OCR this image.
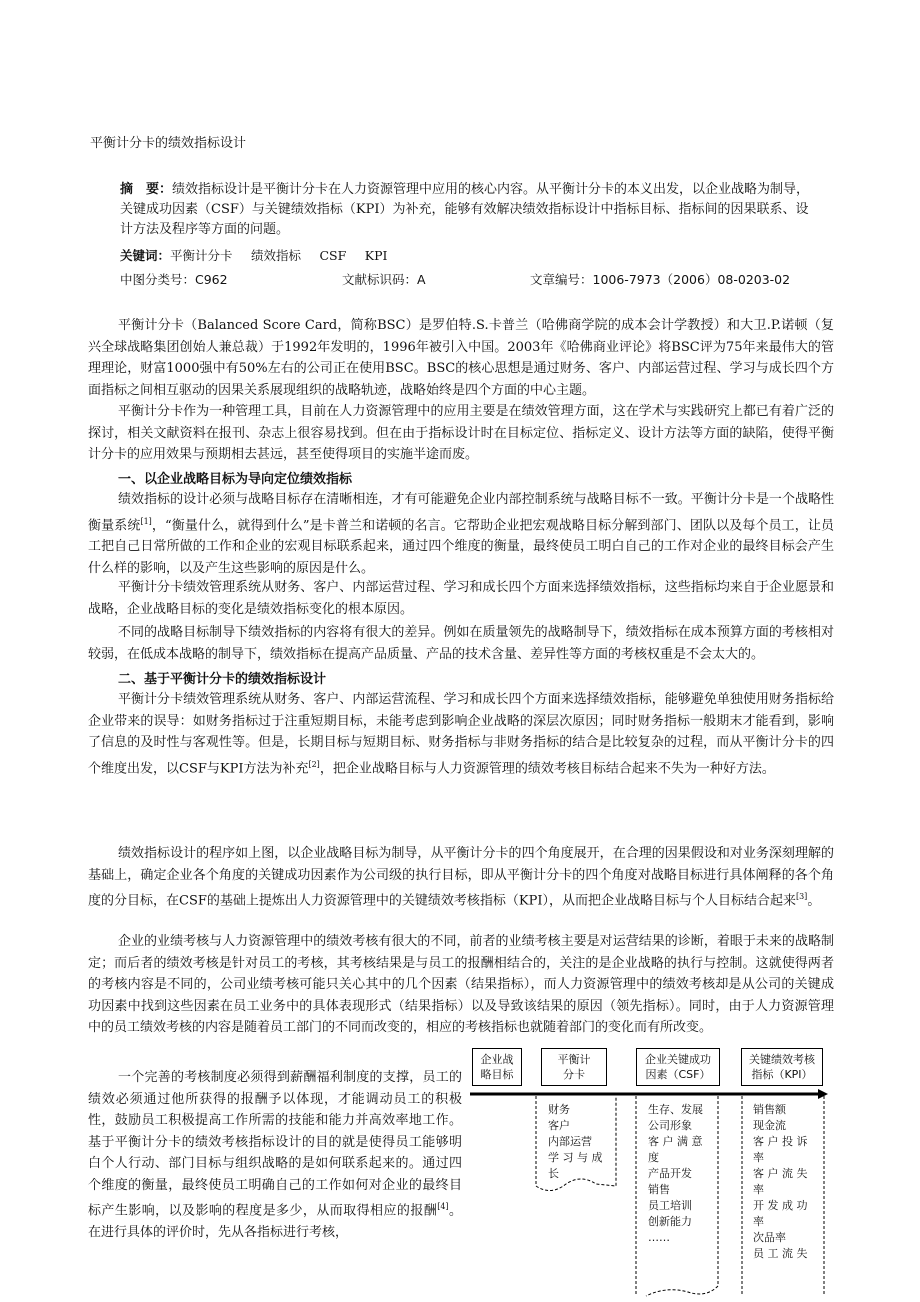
平衡计分卡的绩效指标设计
摘　要：绩效指标设计是平衡计分卡在人力资源管理中应用的核心内容。从平衡计分卡的本义出发，以企业战略为制导，关键成功因素（CSF）与关键绩效指标（KPI）为补充，能够有效解决绩效指标设计中指标目标、指标间的因果联系、设计方法及程序等方面的问题。
关键词：平衡计分卡　 绩效指标　 CSF　 KPI
中图分类号：C962	文献标识码：A	文章编号：1006-7973（2006）08-0203-02

平衡计分卡（Balanced Score Card，简称BSC）是罗伯特.S.卡普兰（哈佛商学院的成本会计学教授）和大卫.P.诺顿（复兴全球战略集团创始人兼总裁）于1992年发明的，1996年被引入中国。2003年《哈佛商业评论》将BSC评为75年来最伟大的管理理论，财富1000强中有50%左右的公司正在使用BSC。BSC的核心思想是通过财务、客户、内部运营过程、学习与成长四个方面指标之间相互驱动的因果关系展现组织的战略轨迹，战略始终是四个方面的中心主题。

平衡计分卡作为一种管理工具，目前在人力资源管理中的应用主要是在绩效管理方面，这在学术与实践研究上都已有着广泛的探讨，相关文献资料在报刊、杂志上很容易找到。但在由于指标设计时在目标定位、指标定义、设计方法等方面的缺陷，使得平衡计分卡的应用效果与预期相去甚远，甚至使得项目的实施半途而废。

一、以企业战略目标为导向定位绩效指标

绩效指标的设计必须与战略目标存在清晰相连，才有可能避免企业内部控制系统与战略目标不一致。平衡计分卡是一个战略性衡量系统[1]，“衡量什么，就得到什么”是卡普兰和诺顿的名言。它帮助企业把宏观战略目标分解到部门、团队以及每个员工，让员工把自己日常所做的工作和企业的宏观目标联系起来，通过四个维度的衡量，最终使员工明白自己的工作对企业的最终目标会产生什么样的影响，以及产生这些影响的原因是什么。

平衡计分卡绩效管理系统从财务、客户、内部运营过程、学习和成长四个方面来选择绩效指标，这些指标均来自于企业愿景和战略，企业战略目标的变化是绩效指标变化的根本原因。

不同的战略目标制导下绩效指标的内容将有很大的差异。例如在质量领先的战略制导下，绩效指标在成本预算方面的考核相对较弱，在低成本战略的制导下，绩效指标在提高产品质量、产品的技术含量、差异性等方面的考核权重是不会太大的。

二、基于平衡计分卡的绩效指标设计

平衡计分卡绩效管理系统从财务、客户、内部运营流程、学习和成长四个方面来选择绩效指标，能够避免单独使用财务指标给企业带来的误导：如财务指标过于注重短期目标，未能考虑到影响企业战略的深层次原因；同时财务指标一般期末才能看到，影响了信息的及时性与客观性等。但是，长期目标与短期目标、财务指标与非财务指标的结合是比较复杂的过程，而从平衡计分卡的四个维度出发，以CSF与KPI方法为补充[2]，把企业战略目标与人力资源管理的绩效考核目标结合起来不失为一种好方法。

绩效指标设计的程序如上图，以企业战略目标为制导，从平衡计分卡的四个角度展开，在合理的因果假设和对业务深刻理解的基础上，确定企业各个角度的关键成功因素作为公司级的执行目标，即从平衡计分卡的四个角度对战略目标进行具体阐释的各个角度的分目标，在CSF的基础上提炼出人力资源管理中的关键绩效考核指标（KPI），从而把企业战略目标与个人目标结合起来[3]。

企业的业绩考核与人力资源管理中的绩效考核有很大的不同，前者的业绩考核主要是对运营结果的诊断，着眼于未来的战略制定；而后者的绩效考核是针对员工的考核，其考核结果是与员工的报酬相结合的，关注的是企业战略的执行与控制。这就使得两者的考核内容是不同的，公司业绩考核可能只关心其中的几个因素（结果指标），而人力资源管理中的绩效考核却是从公司的关键成功因素中找到这些因素在员工业务中的具体表现形式（结果指标）以及导致该结果的原因（领先指标）。同时，由于人力资源管理中的员工绩效考核的内容是随着员工部门的不同而改变的，相应的考核指标也就随着部门的变化而有所改变。

一个完善的考核制度必须得到薪酬福利制度的支撑，员工的绩效必须通过他所获得的报酬予以体现，才能调动员工的积极性，鼓励员工积极提高工作所需的技能和能力并高效率地工作。基于平衡计分卡的绩效考核指标设计的目的就是使得员工能够明白个人行动、部门目标与组织战略的是如何联系起来的。通过四个维度的衡量，最终使员工明确自己的工作如何对企业的最终目标产生影响，以及影响的程度是多少，从而取得相应的报酬[4]。在进行具体的评价时，先从各指标进行考核，

企业战
略目标
平衡计
分卡
企业关键成功
因素（CSF）
关键绩效考核
指标（KPI）
财务
客户
内部运营
学 习 与 成
长
生存、发展
公司形象
客 户 满 意
度
产品开发
销售
员工培训
创新能力
……
销售额
现金流
客 户 投 诉
率
客 户 流 失
率
开 发 成 功
率
次品率
员 工 流 失
